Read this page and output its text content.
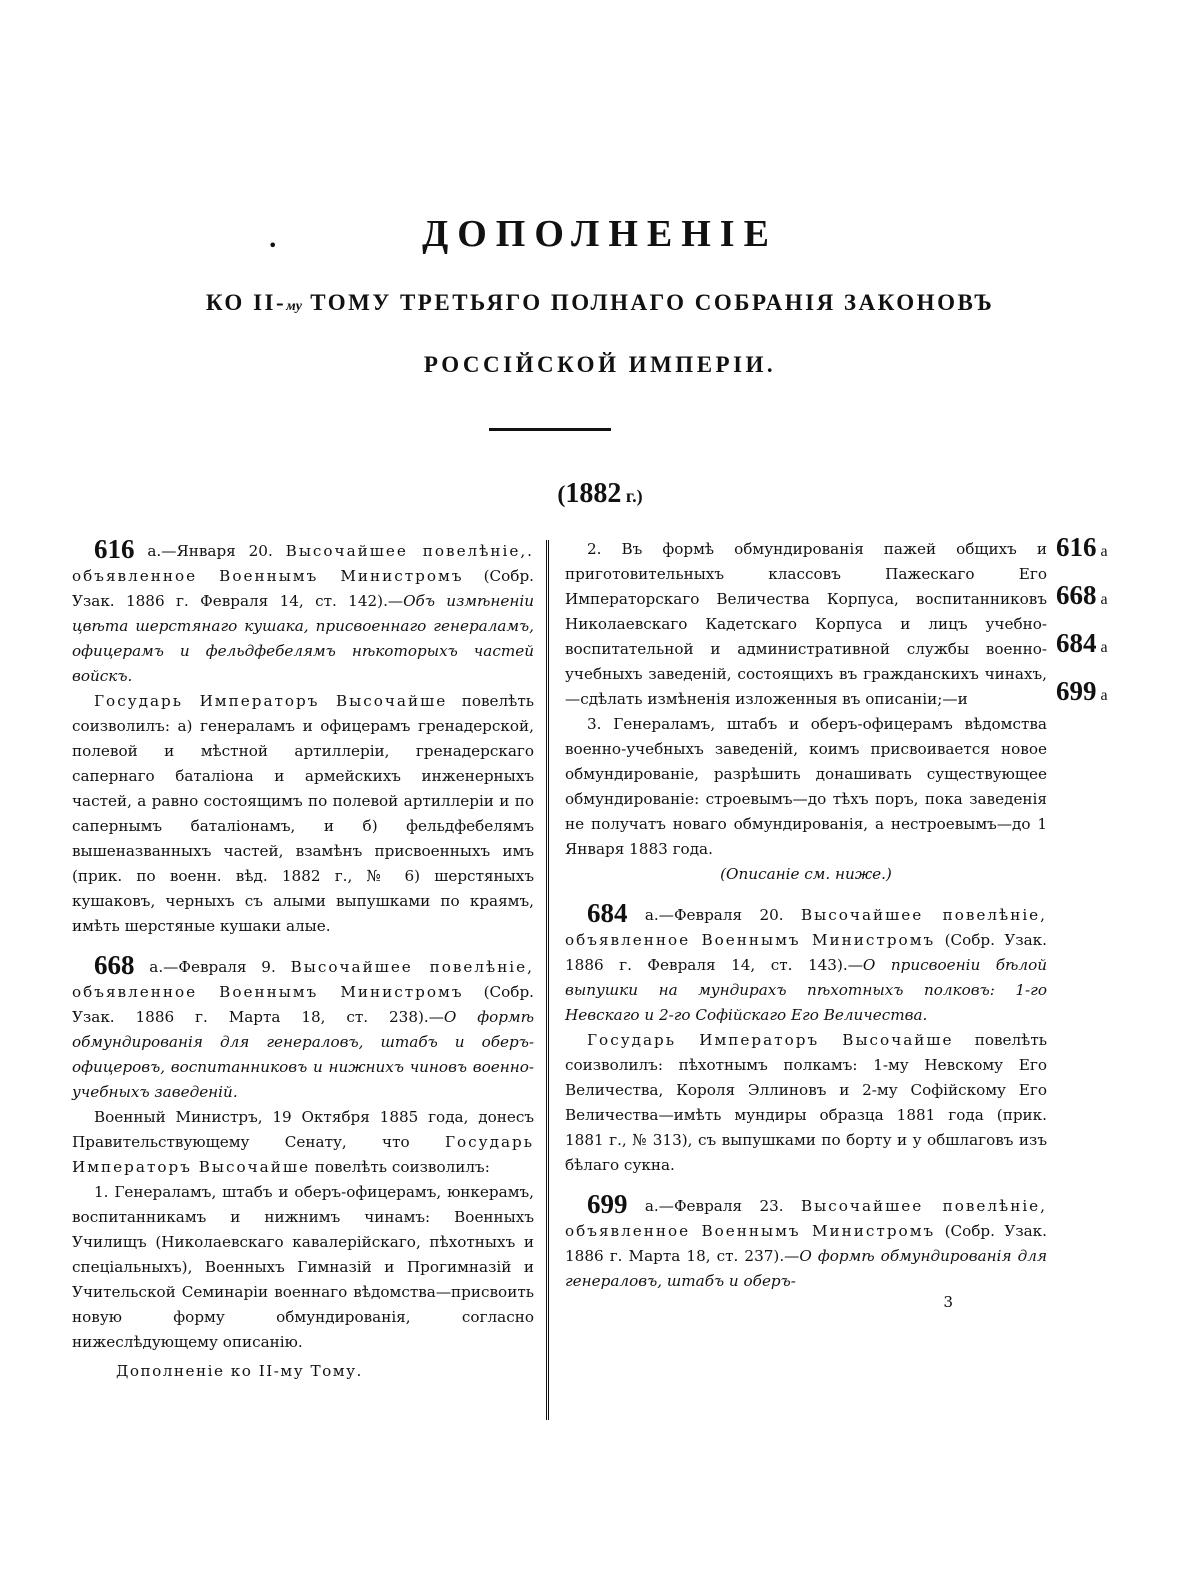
•	ДОПОЛНЕНІЕ
КО II-му ТОМУ ТРЕТЬЯГО ПОЛНАГО СОБРАНІЯ ЗАКОНОВЪ
РОССІЙСКОЙ ИМПЕРІИ.
(1882 г.)

616 а.—Января 20. Высочайшее повелѣніе,. объявленное Военнымъ Министромъ (Собр. Узак. 1886 г. Февраля 14, ст. 142).—Объ измѣненіи цвѣта шерстянаго кушака, присвоеннаго генераламъ, офицерамъ и фельдфебелямъ нѣкоторыхъ частей войскъ.

Государь Императоръ Высочайше повелѣть соизволилъ: а) генераламъ и офицерамъ гренадерской, полевой и мѣстной артиллеріи, гренадерскаго сапернаго баталіона и армейскихъ инженерныхъ частей, а равно состоящимъ по полевой артиллеріи и по сапернымъ баталіонамъ, и б) фельдфебелямъ вышеназванныхъ частей, взамѣнъ присвоенныхъ имъ (прик. по военн. вѣд. 1882 г., № 6) шерстяныхъ кушаковъ, черныхъ съ алыми выпушками по краямъ, имѣть шерстяные кушаки алые.

668 а.—Февраля 9. Высочайшее повелѣніе, объявленное Военнымъ Министромъ (Собр. Узак. 1886 г. Марта 18, ст. 238).—О формѣ обмундированія для генераловъ, штабъ и оберъ-офицеровъ, воспитанниковъ и нижнихъ чиновъ военно-учебныхъ заведеній.

Военный Министръ, 19 Октября 1885 года, донесъ Правительствующему Сенату, что Государь Императоръ Высочайше повелѣть соизволилъ:

1. Генераламъ, штабъ и оберъ-офицерамъ, юнкерамъ, воспитанникамъ и нижнимъ чинамъ: Военныхъ Училищъ (Николаевскаго кавалерійскаго, пѣхотныхъ и спеціальныхъ), Военныхъ Гимназій и Прогимназій и Учительской Семинаріи военнаго вѣдомства—присвоить новую форму обмундированія, согласно нижеслѣдующему описанію.

Дополненіе ко II-му Тому.

2. Въ формѣ обмундированія пажей общихъ и приготовительныхъ классовъ Пажескаго Его Императорскаго Величества Корпуса, воспитанниковъ Николаевскаго Кадетскаго Корпуса и лицъ учебно-воспитательной и административной службы военно-учебныхъ заведеній, состоящихъ въ гражданскихъ чинахъ,—сдѣлать измѣненія изложенныя въ описаніи;—и

3. Генераламъ, штабъ и оберъ-офицерамъ вѣдомства военно-учебныхъ заведеній, коимъ присвоивается новое обмундированіе, разрѣшить донашивать существующее обмундированіе: строевымъ—до тѣхъ поръ, пока заведенія не получатъ новаго обмундированія, а нестроевымъ—до 1 Января 1883 года.

(Описаніе см. ниже.)

684 а.—Февраля 20. Высочайшее повелѣніе, объявленное Военнымъ Министромъ (Собр. Узак. 1886 г. Февраля 14, ст. 143).—О присвоеніи бѣлой выпушки на мундирахъ пѣхотныхъ полковъ: 1-го Невскаго и 2-го Софійскаго Его Величества.

Государь Императоръ Высочайше повелѣть соизволилъ: пѣхотнымъ полкамъ: 1-му Невскому Его Величества, Короля Эллиновъ и 2-му Софійскому Его Величества—имѣть мундиры образца 1881 года (прик. 1881 г., № 313), съ выпушками по борту и у обшлаговъ изъ бѣлаго сукна.

699 а.—Февраля 23. Высочайшее повелѣніе, объявленное Военнымъ Министромъ (Собр. Узак. 1886 г. Марта 18, ст. 237).—О формѣ обмундированія для генераловъ, штабъ и оберъ-

3

616 а
668 а
684 а
699 а
